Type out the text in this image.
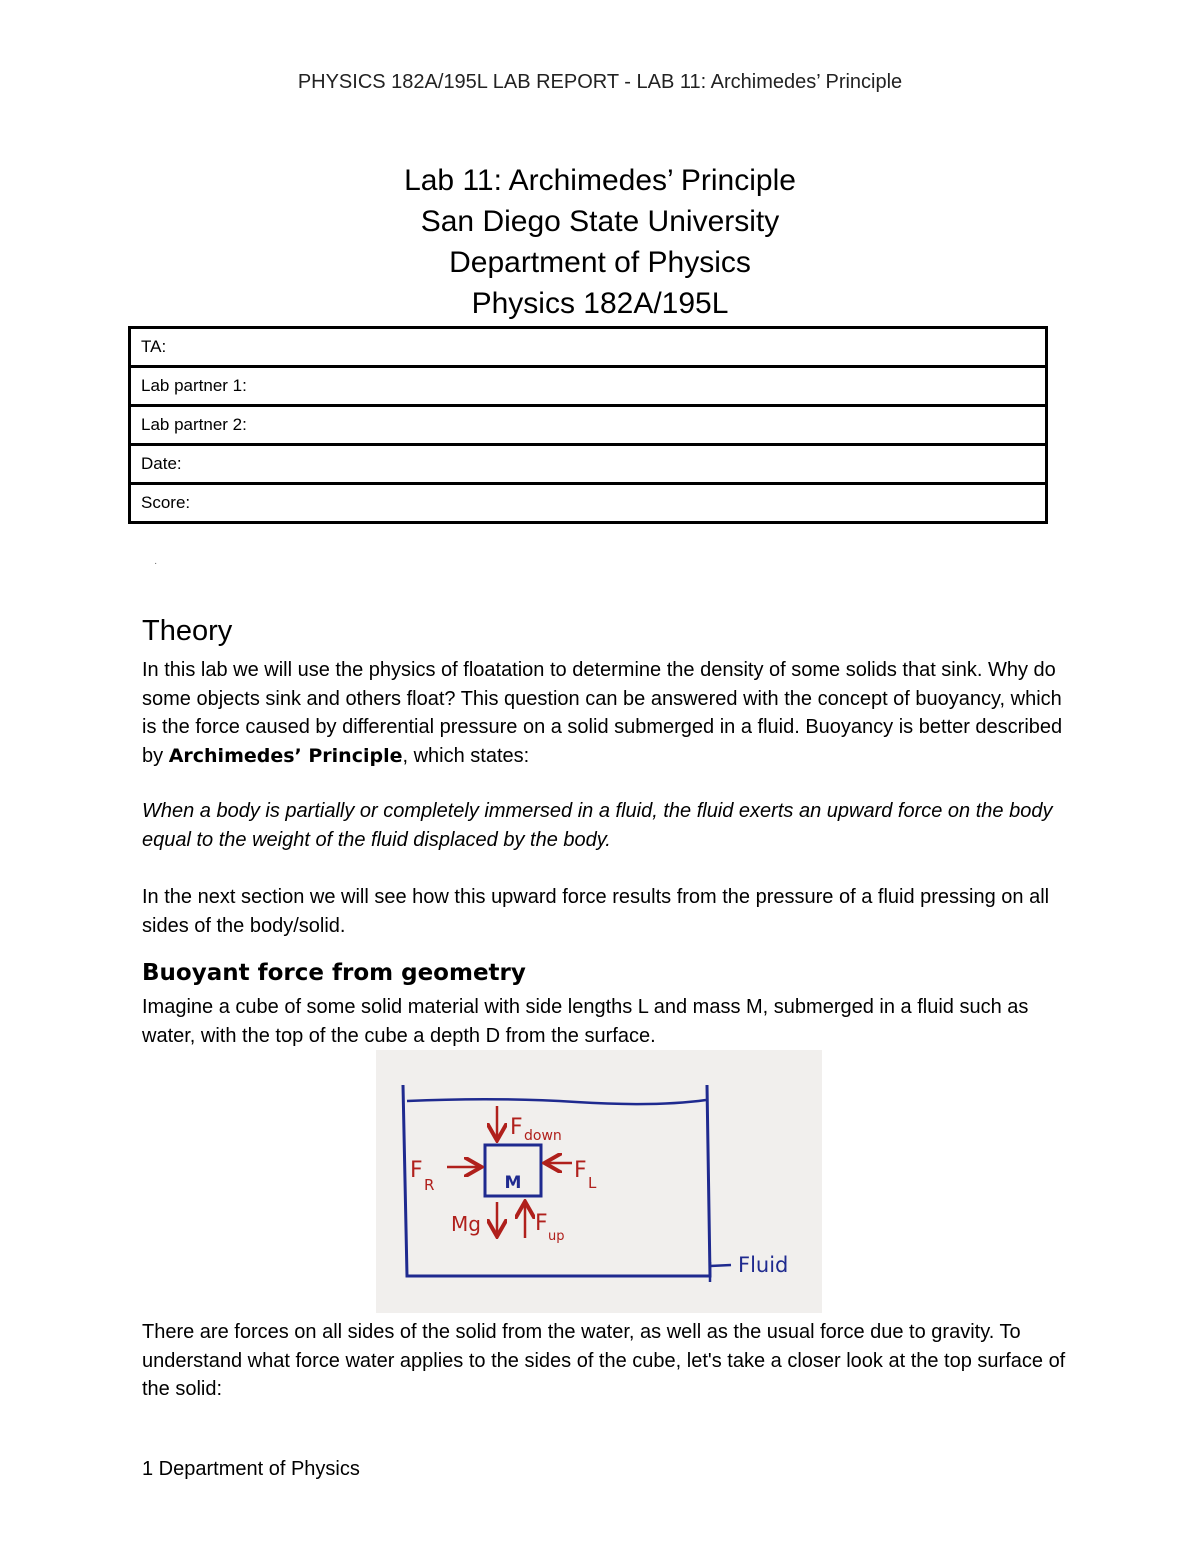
PHYSICS 182A/195L LAB REPORT - LAB 11: Archimedes’ Principle
Lab 11: Archimedes’ Principle
San Diego State University
Department of Physics
Physics 182A/195L
TA:
Lab partner 1:
Lab partner 2:
Date:
Score:
·
Theory
In this lab we will use the physics of floatation to determine the density of some solids that sink. Why do some objects sink and others float? This question can be answered with the concept of buoyancy, which is the force caused by differential pressure on a solid submerged in a fluid. Buoyancy is better described by Archimedes’ Principle, which states:
When a body is partially or completely immersed in a fluid, the fluid exerts an upward force on the body equal to the weight of the fluid displaced by the body.
In the next section we will see how this upward force results from the pressure of a fluid pressing on all sides of the body/solid.
Buoyant force from geometry
Imagine a cube of some solid material with side lengths L and mass M, submerged in a fluid such as water, with the top of the cube a depth D from the surface.
M
F down
F
R
F L
Mg F
up
Fluid
There are forces on all sides of the solid from the water, as well as the usual force due to gravity. To understand what force water applies to the sides of the cube, let's take a closer look at the top surface of the solid:
1 Department of Physics
